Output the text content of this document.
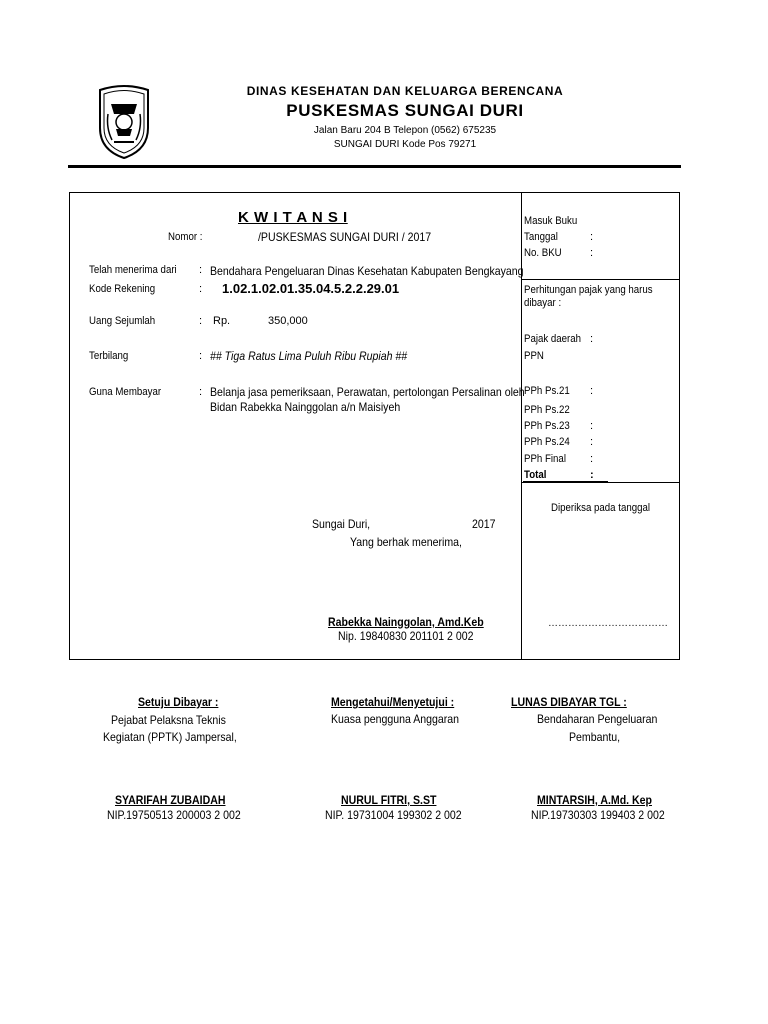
DINAS KESEHATAN DAN KELUARGA BERENCANA
PUSKESMAS SUNGAI DURI
Jalan Baru 204 B Telepon (0562) 675235
SUNGAI DURI Kode Pos 79271
K W I T A N S I
Nomor :	/PUSKESMAS SUNGAI DURI / 2017
Telah menerima dari : Bendahara Pengeluaran Dinas Kesehatan Kabupaten Bengkayang
Kode Rekening	: 1.02.1.02.01.35.04.5.2.2.29.01
Uang Sejumlah	: Rp.	350,000
Terbilang	: ## Tiga Ratus Lima Puluh Ribu Rupiah ##
Guna Membayar	: Belanja jasa pemeriksaan, Perawatan, pertolongan Persalinan oleh
Bidan Rabekka Nainggolan a/n Maisiyeh
Sungai Duri,	2017
Yang berhak menerima,
Rabekka Nainggolan, Amd.Keb
Nip. 19840830 201101 2 002
Masuk Buku
Tanggal	:
No. BKU	:
Perhitungan pajak yang harus
dibayar :
Pajak daerah :
PPN
PPh Ps.21 :
PPh Ps.22
PPh Ps.23 :
PPh Ps.24 :
PPh Final :
Total	:
Diperiksa pada tanggal
………………………………
Setuju Dibayar :
Pejabat Pelaksna Teknis
Kegiatan (PPTK) Jampersal,
SYARIFAH ZUBAIDAH
NIP.19750513 200003 2 002
Mengetahui/Menyetujui :
Kuasa pengguna Anggaran
NURUL FITRI, S.ST
NIP. 19731004 199302 2 002
LUNAS DIBAYAR TGL :
Bendaharan Pengeluaran
Pembantu,
MINTARSIH, A.Md. Kep
NIP.19730303 199403 2 002
